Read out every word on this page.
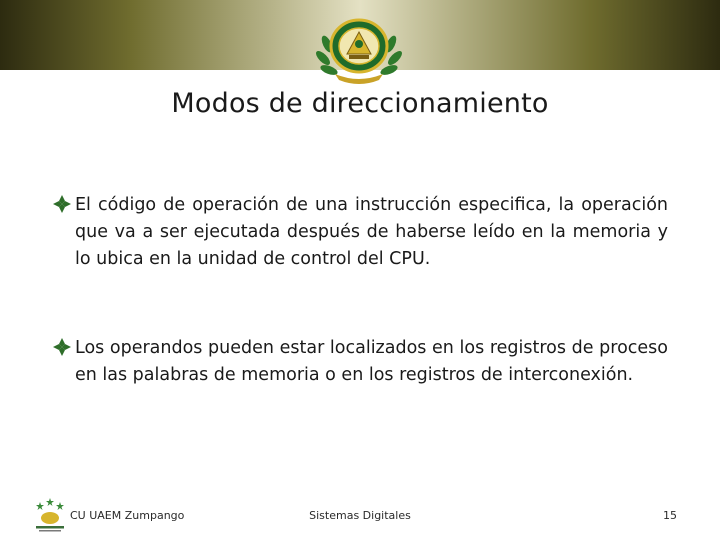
Modos de direccionamiento
El código de operación de una instrucción especifica, la operación que va a ser ejecutada después de haberse leído en la memoria y lo ubica en la unidad de control del CPU.
Los operandos pueden estar localizados en los registros de proceso en las palabras de memoria o en los registros de interconexión.
CU UAEM Zumpango	Sistemas Digitales	15
